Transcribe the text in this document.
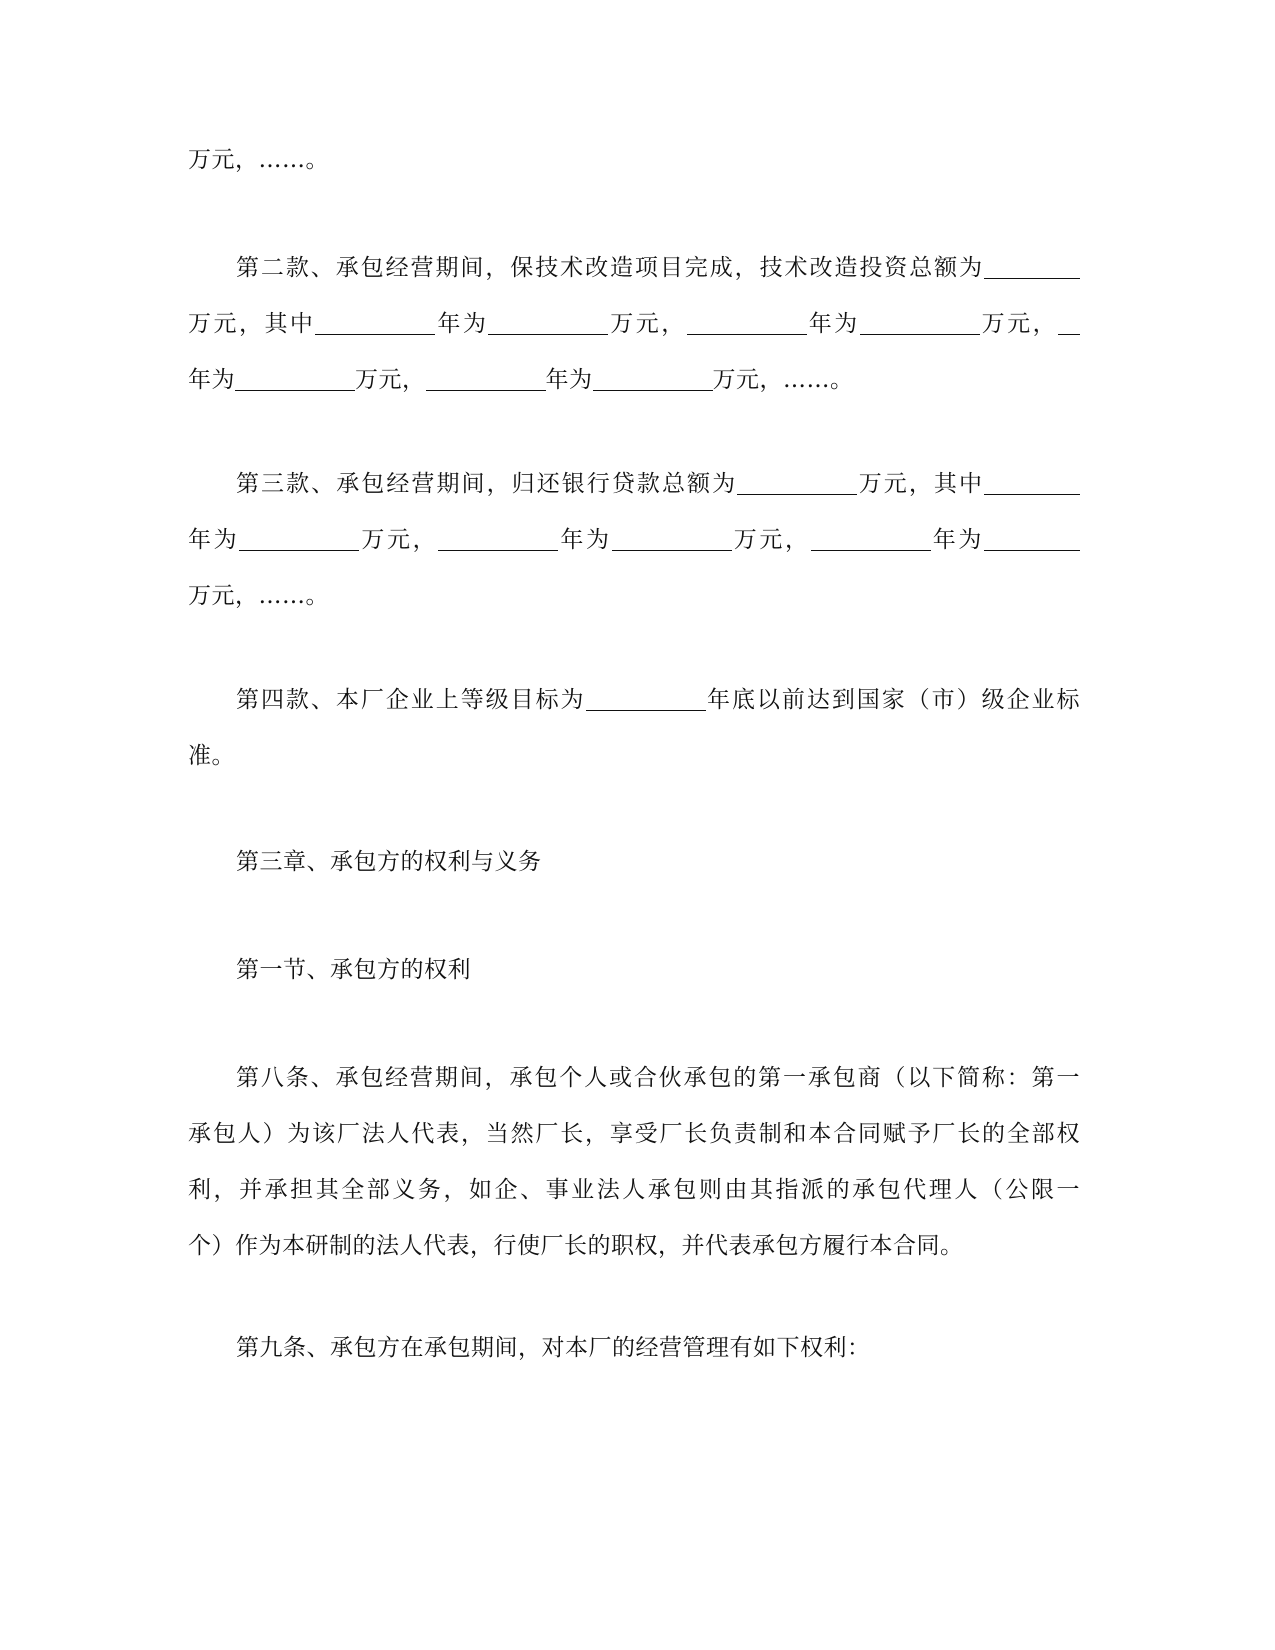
万元，……。
第二款、承包经营期间，保技术改造项目完成，技术改造投资总额为
万元，其中	年为	万元，	年为	万元，
年为	万元，	年为	万元，……。
第三款、承包经营期间，归还银行贷款总额为	万元，其中
年为	万元，	年为	万元，	年为
万元，……。
第四款、本厂企业上等级目标为	年底以前达到国家（市）级企业标
准。
第三章、承包方的权利与义务
第一节、承包方的权利
第八条、承包经营期间，承包个人或合伙承包的第一承包商（以下简称：第一
承包人）为该厂法人代表，当然厂长，享受厂长负责制和本合同赋予厂长的全部权
利，并承担其全部义务，如企、事业法人承包则由其指派的承包代理人（公限一
个）作为本研制的法人代表，行使厂长的职权，并代表承包方履行本合同。
第九条、承包方在承包期间，对本厂的经营管理有如下权利：
